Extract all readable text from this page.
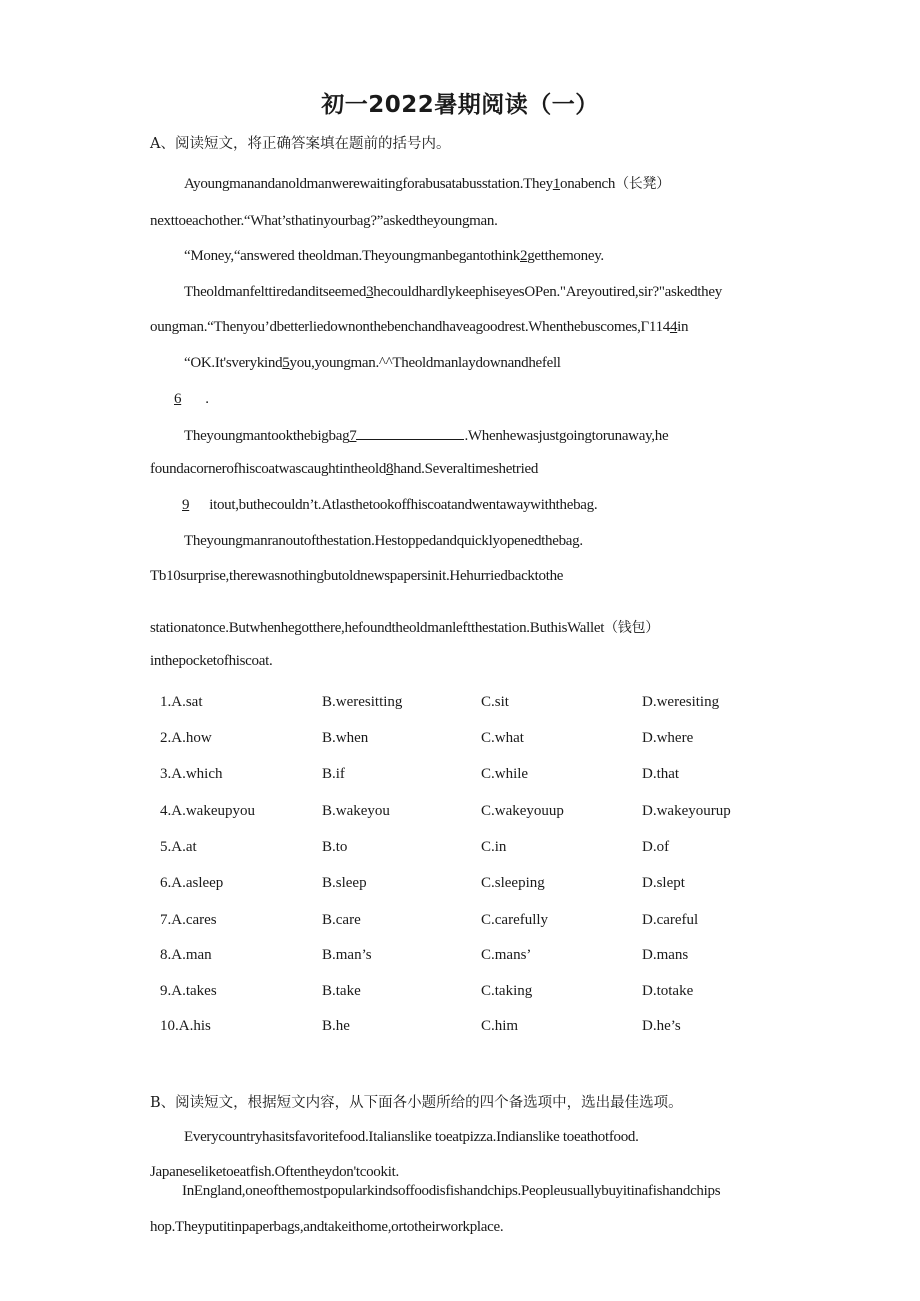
初一2022暑期阅读（一）
A、阅读短文，将正确答案填在题前的括号内。
Ayoungmanandanoldmanwerewaitingforabusatabusstation.They1onabench（长凳）
nexttoeachother.“What’sthatinyourbag?”askedtheyoungman.
“Money,“answered theoldman.Theyoungmanbegantothink2getthemoney.
Theoldmanfelttiredanditseemed3hecouldhardlykeephiseyesOPen."Areyoutired,sir?"askedthey
oungman.“Thenyou’dbetterliedownonthebenchandhaveagoodrest.Whenthebuscomes,Γ1144in
“OK.It'sverykind5you,youngman.^^Theoldmanlaydownandhefell
6 .
Theyoungmantookthebigbag7	.Whenhewasjustgoingtorunaway,he
foundacornerofhiscoatwascaughtintheold8hand.Severaltimeshetried
9 itout,buthecouldn’t.Atlasthetookoffhiscoatandwentawaywiththebag.
Theyoungmanranoutofthestation.Hestoppedandquicklyopenedthebag.
Tb10surprise,therewasnothingbutoldnewspapersinit.Hehurriedbacktothe
stationatonce.Butwhenhegotthere,hefoundtheoldmanleftthestation.ButhisWallet（钱包）
inthepocketofhiscoat.
1.A.sat	B.weresitting	C.sit	D.weresiting
2.A.how	B.when	C.what	D.where
3.A.which	B.if	C.while	D.that
4.A.wakeupyou	B.wakeyou	C.wakeyouup	D.wakeyourup
5.A.at	B.to	C.in	D.of
6.A.asleep	B.sleep	C.sleeping	D.slept
7.A.cares	B.care	C.carefully	D.careful
8.A.man	B.man’s	C.mans’	D.mans
9.A.takes	B.take	C.taking	D.totake
10.A.his	B.he	C.him	D.he’s
B、阅读短文，根据短文内容，从下面各小题所给的四个备选项中，选出最佳选项。
Everycountryhasitsfavoritefood.Italianslike toeatpizza.Indianslike toeathotfood.
Japaneseliketoeatfish.Oftentheydon'tcookit.
InEngland,oneofthemostpopularkindsoffoodisfishandchips.Peopleusuallybuyitinafishandchips
hop.Theyputitinpaperbags,andtakeithome,ortotheirworkplace.
